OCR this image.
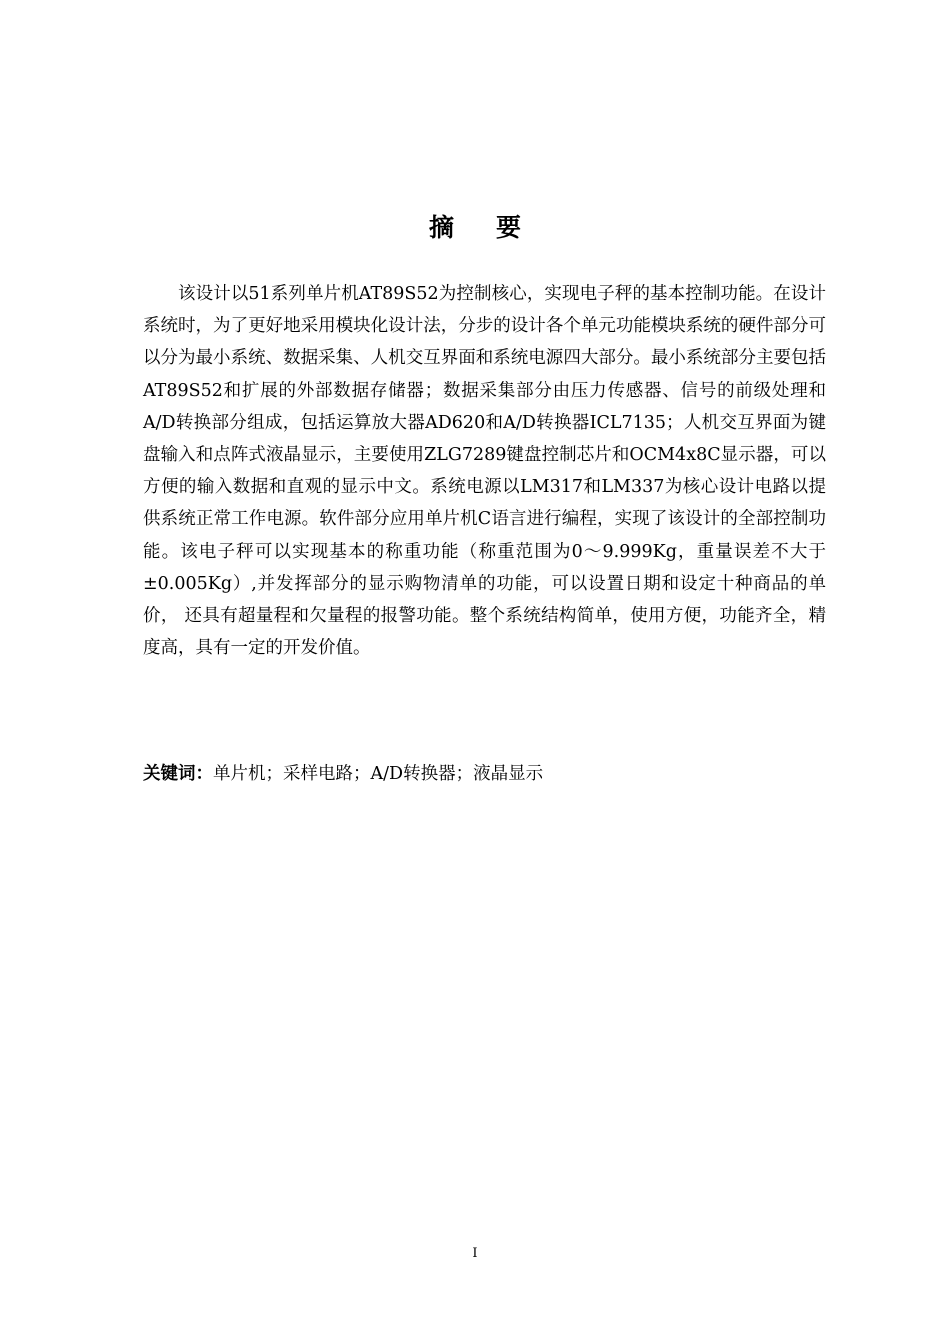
摘要

该设计以51系列单片机AT89S52为控制核心，实现电子秤的基本控制功能。在设计系统时，为了更好地采用模块化设计法，分步的设计各个单元功能模块系统的硬件部分可以分为最小系统、数据采集、人机交互界面和系统电源四大部分。最小系统部分主要包括AT89S52和扩展的外部数据存储器；数据采集部分由压力传感器、信号的前级处理和A/D转换部分组成，包括运算放大器AD620和A/D转换器ICL7135；人机交互界面为键盘输入和点阵式液晶显示，主要使用ZLG7289键盘控制芯片和OCM4x8C显示器，可以方便的输入数据和直观的显示中文。系统电源以LM317和LM337为核心设计电路以提供系统正常工作电源。软件部分应用单片机C语言进行编程，实现了该设计的全部控制功能。该电子秤可以实现基本的称重功能（称重范围为0～9.999Kg，重量误差不大于±0.005Kg）,并发挥部分的显示购物清单的功能，可以设置日期和设定十种商品的单价， 还具有超量程和欠量程的报警功能。整个系统结构简单，使用方便，功能齐全，精度高，具有一定的开发价值。

关键词：单片机；采样电路；A/D转换器；液晶显示
I
